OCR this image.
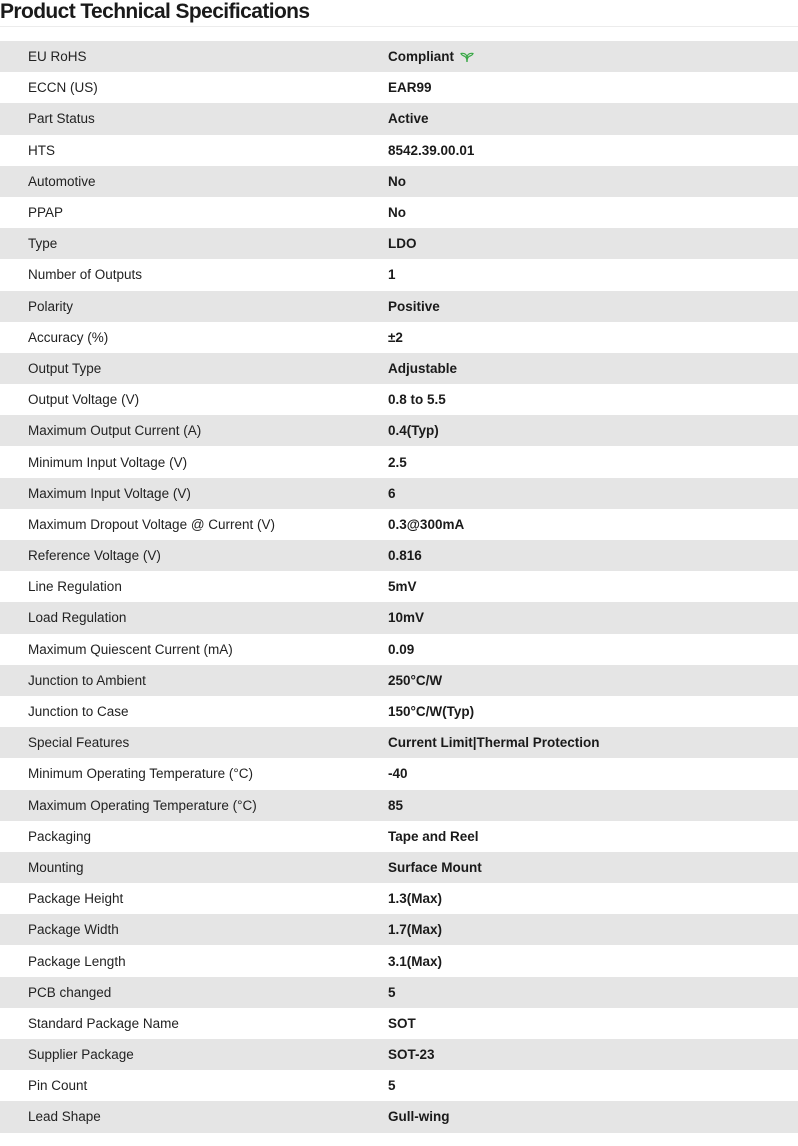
Product Technical Specifications
EU RoHS	Compliant
ECCN (US)	EAR99
Part Status	Active
HTS	8542.39.00.01
Automotive	No
PPAP	No
Type	LDO
Number of Outputs	1
Polarity	Positive
Accuracy (%)	±2
Output Type	Adjustable
Output Voltage (V)	0.8 to 5.5
Maximum Output Current (A)	0.4(Typ)
Minimum Input Voltage (V)	2.5
Maximum Input Voltage (V)	6
Maximum Dropout Voltage @ Current (V)	0.3@300mA
Reference Voltage (V)	0.816
Line Regulation	5mV
Load Regulation	10mV
Maximum Quiescent Current (mA)	0.09
Junction to Ambient	250°C/W
Junction to Case	150°C/W(Typ)
Special Features	Current Limit|Thermal Protection
Minimum Operating Temperature (°C)	-40
Maximum Operating Temperature (°C)	85
Packaging	Tape and Reel
Mounting	Surface Mount
Package Height	1.3(Max)
Package Width	1.7(Max)
Package Length	3.1(Max)
PCB changed	5
Standard Package Name	SOT
Supplier Package	SOT-23
Pin Count	5
Lead Shape	Gull-wing
